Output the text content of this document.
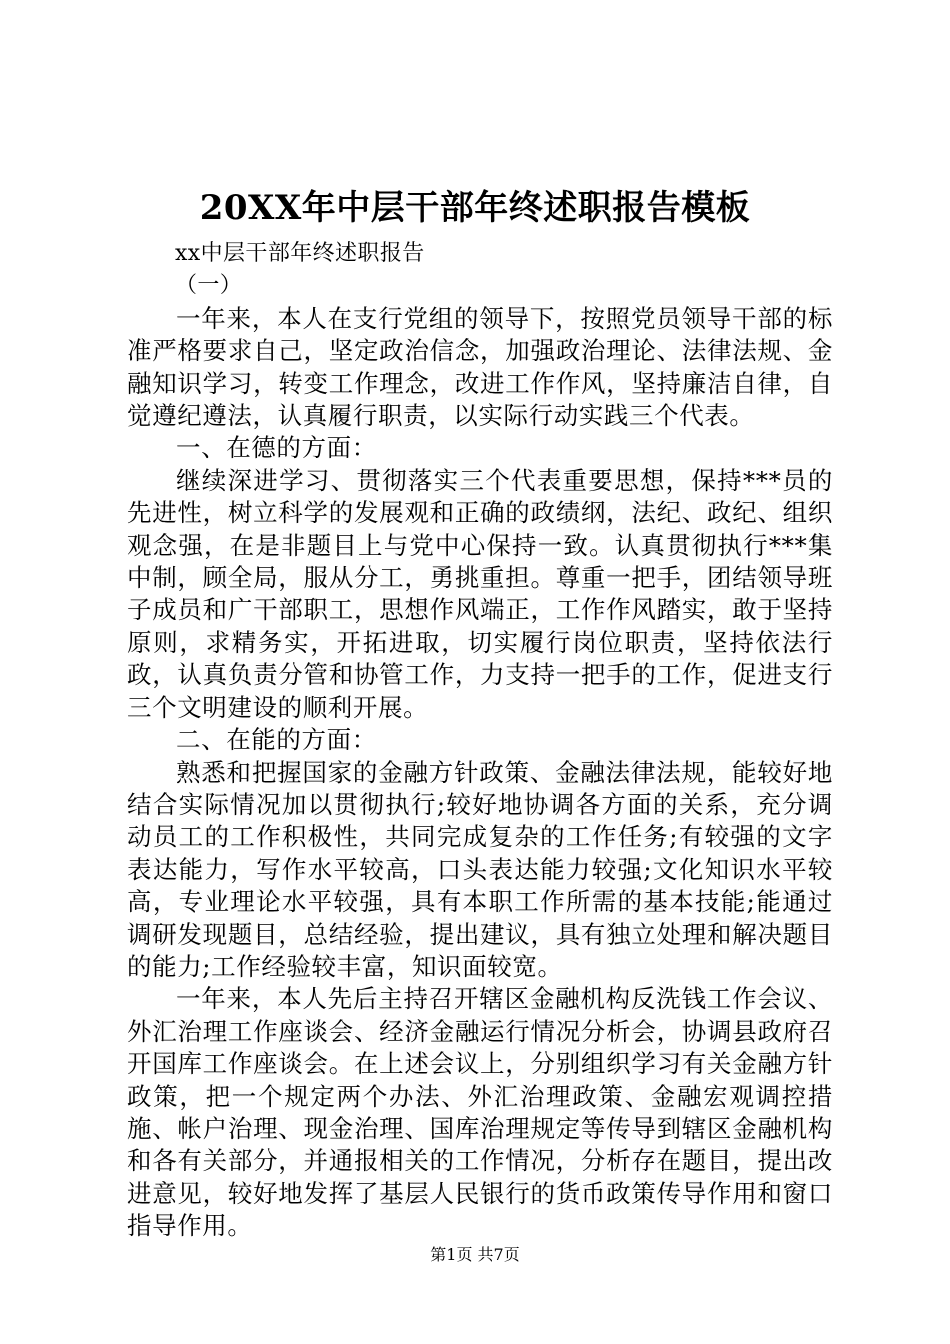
20XX年中层干部年终述职报告模板

xx中层干部年终述职报告

（一）

一年来，本人在支行党组的领导下，按照党员领导干部的标准严格要求自己，坚定政治信念，加强政治理论、法律法规、金融知识学习，转变工作理念，改进工作作风，坚持廉洁自律，自觉遵纪遵法，认真履行职责，以实际行动实践三个代表。

一、在德的方面：

继续深进学习、贯彻落实三个代表重要思想，保持***员的先进性，树立科学的发展观和正确的政绩纲，法纪、政纪、组织观念强，在是非题目上与党中心保持一致。认真贯彻执行***集中制，顾全局，服从分工，勇挑重担。尊重一把手，团结领导班子成员和广干部职工，思想作风端正，工作作风踏实，敢于坚持原则，求精务实，开拓进取，切实履行岗位职责，坚持依法行政，认真负责分管和协管工作，力支持一把手的工作，促进支行三个文明建设的顺利开展。

二、在能的方面：

熟悉和把握国家的金融方针政策、金融法律法规，能较好地结合实际情况加以贯彻执行;较好地协调各方面的关系，充分调动员工的工作积极性，共同完成复杂的工作任务;有较强的文字表达能力，写作水平较高，口头表达能力较强;文化知识水平较高，专业理论水平较强，具有本职工作所需的基本技能;能通过调研发现题目，总结经验，提出建议，具有独立处理和解决题目的能力;工作经验较丰富，知识面较宽。

一年来，本人先后主持召开辖区金融机构反洗钱工作会议、外汇治理工作座谈会、经济金融运行情况分析会，协调县政府召开国库工作座谈会。在上述会议上，分别组织学习有关金融方针政策，把一个规定两个办法、外汇治理政策、金融宏观调控措施、帐户治理、现金治理、国库治理规定等传导到辖区金融机构和各有关部分，并通报相关的工作情况，分析存在题目，提出改进意见，较好地发挥了基层人民银行的货币政策传导作用和窗口指导作用。

第1页 共7页
